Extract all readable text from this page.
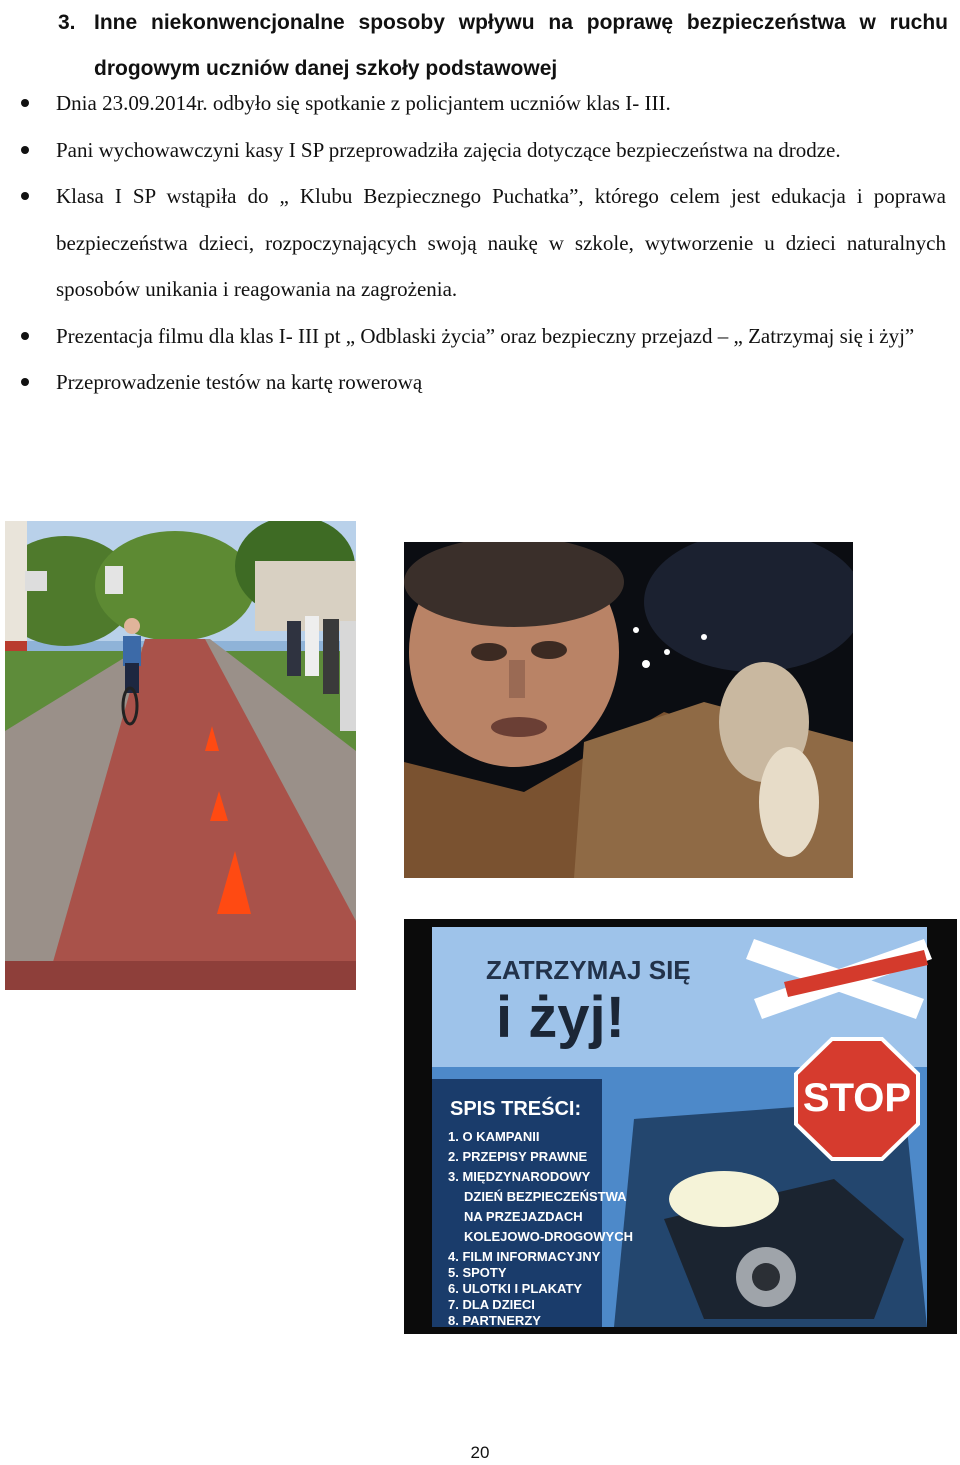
3. Inne niekonwencjonalne sposoby wpływu na poprawę bezpieczeństwa w ruchu drogowym uczniów danej szkoły podstawowej
Dnia 23.09.2014r. odbyło się spotkanie z policjantem uczniów klas I- III.
Pani wychowawczyni kasy I SP przeprowadziła zajęcia dotyczące bezpieczeństwa na drodze.
Klasa I SP wstąpiła do „ Klubu Bezpiecznego Puchatka”, którego celem jest edukacja i poprawa bezpieczeństwa dzieci, rozpoczynających swoją naukę w szkole, wytworzenie u dzieci naturalnych sposobów unikania i reagowania na zagrożenia.
Prezentacja filmu dla klas I- III pt „ Odblaski życia” oraz bezpieczny przejazd – „ Zatrzymaj się i żyj”
Przeprowadzenie testów na kartę rowerową
STOP
ZATRZYMAJ SIĘ
i żyj!
SPIS TREŚCI:
1. O KAMPANII
2. PRZEPISY PRAWNE
3. MIĘDZYNARODOWY
DZIEŃ BEZPIECZEŃSTWA
NA PRZEJAZDACH
KOLEJOWO-DROGOWYCH
4. FILM INFORMACYJNY
5. SPOTY
6. ULOTKI I PLAKATY
7. DLA DZIECI
8. PARTNERZY
20
